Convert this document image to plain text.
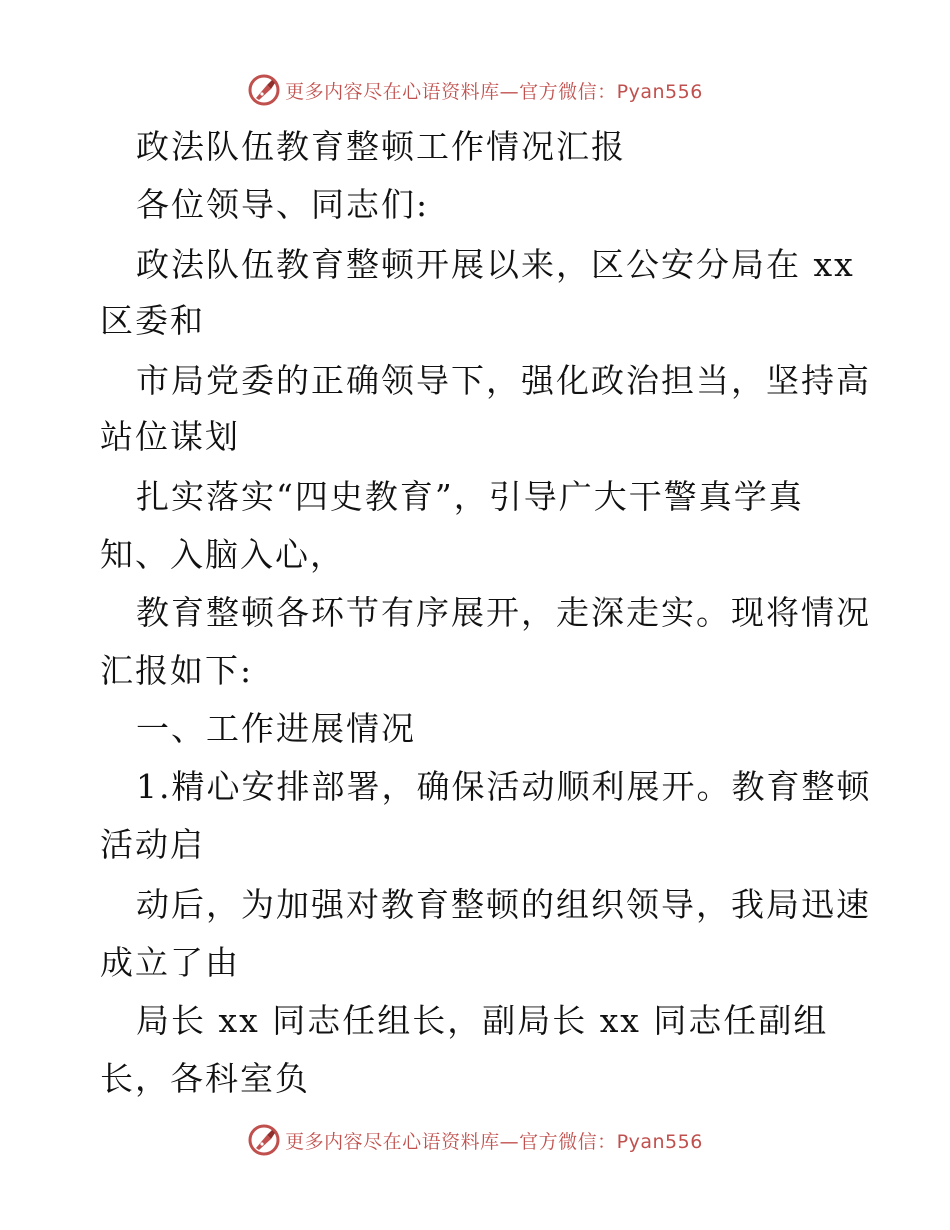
更多内容尽在心语资料库—官方微信：Pyan556
政法队伍教育整顿工作情况汇报
各位领导、同志们:
政法队伍教育整顿开展以来，区公安分局在 xx
区委和
市局党委的正确领导下，强化政治担当，坚持高
站位谋划
扎实落实“四史教育”，引导广大干警真学真
知、入脑入心，
教育整顿各环节有序展开，走深走实。现将情况
汇报如下:
一、工作进展情况
1.精心安排部署，确保活动顺利展开。教育整顿
活动启
动后，为加强对教育整顿的组织领导，我局迅速
成立了由
局长 xx 同志任组长，副局长 xx 同志任副组
长，各科室负
更多内容尽在心语资料库—官方微信：Pyan556
